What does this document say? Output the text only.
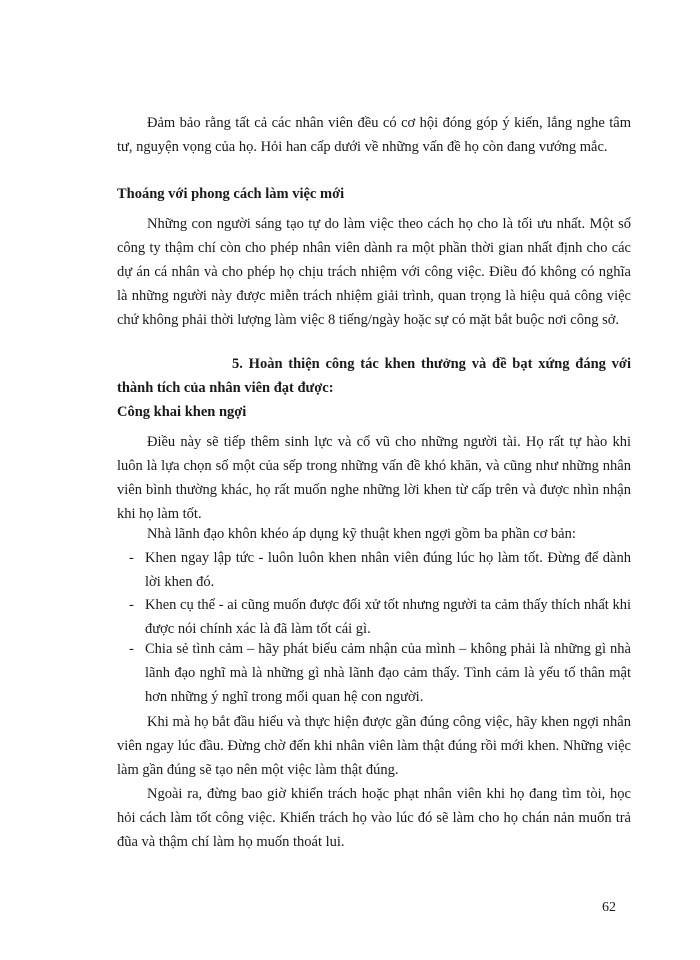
Đảm bảo rằng tất cả các nhân viên đều có cơ hội đóng góp ý kiến, lắng nghe tâm tư, nguyện vọng của họ. Hỏi han cấp dưới về những vấn đề họ còn đang vướng mắc.

Thoáng với phong cách làm việc mới

Những con người sáng tạo tự do làm việc theo cách họ cho là tối ưu nhất. Một số công ty thậm chí còn cho phép nhân viên dành ra một phần thời gian nhất định cho các dự án cá nhân và cho phép họ chịu trách nhiệm với công việc. Điều đó không có nghĩa là những người này được miễn trách nhiệm giải trình, quan trọng là hiệu quả công việc chứ không phải thời lượng làm việc 8 tiếng/ngày hoặc sự có mặt bắt buộc nơi công sở.

5. Hoàn thiện công tác khen thưởng và đề bạt xứng đáng với thành tích của nhân viên đạt được:

Công khai khen ngợi

Điều này sẽ tiếp thêm sinh lực và cổ vũ cho những người tài. Họ rất tự hào khi luôn là lựa chọn số một của sếp trong những vấn đề khó khăn, và cũng như những nhân viên bình thường khác, họ rất muốn nghe những lời khen từ cấp trên và được nhìn nhận khi họ làm tốt.

Nhà lãnh đạo khôn khéo áp dụng kỹ thuật khen ngợi gồm ba phần cơ bản:

- Khen ngay lập tức - luôn luôn khen nhân viên đúng lúc họ làm tốt. Đừng để dành lời khen đó.
- Khen cụ thể - ai cũng muốn được đối xử tốt nhưng người ta cảm thấy thích nhất khi được nói chính xác là đã làm tốt cái gì.
- Chia sẻ tình cảm – hãy phát biểu cảm nhận của mình – không phải là những gì nhà lãnh đạo nghĩ mà là những gì nhà lãnh đạo cảm thấy. Tình cảm là yếu tố thân mật hơn những ý nghĩ trong mối quan hệ con người.

Khi mà họ bắt đầu hiểu và thực hiện được gần đúng công việc, hãy khen ngợi nhân viên ngay lúc đầu. Đừng chờ đến khi nhân viên làm thật đúng rồi mới khen. Những việc làm gần đúng sẽ tạo nên một việc làm thật đúng.

Ngoài ra, đừng bao giờ khiển trách hoặc phạt nhân viên khi họ đang tìm tòi, học hỏi cách làm tốt công việc. Khiển trách họ vào lúc đó sẽ làm cho họ chán nản muốn trả đũa và thậm chí làm họ muốn thoát lui.

62
